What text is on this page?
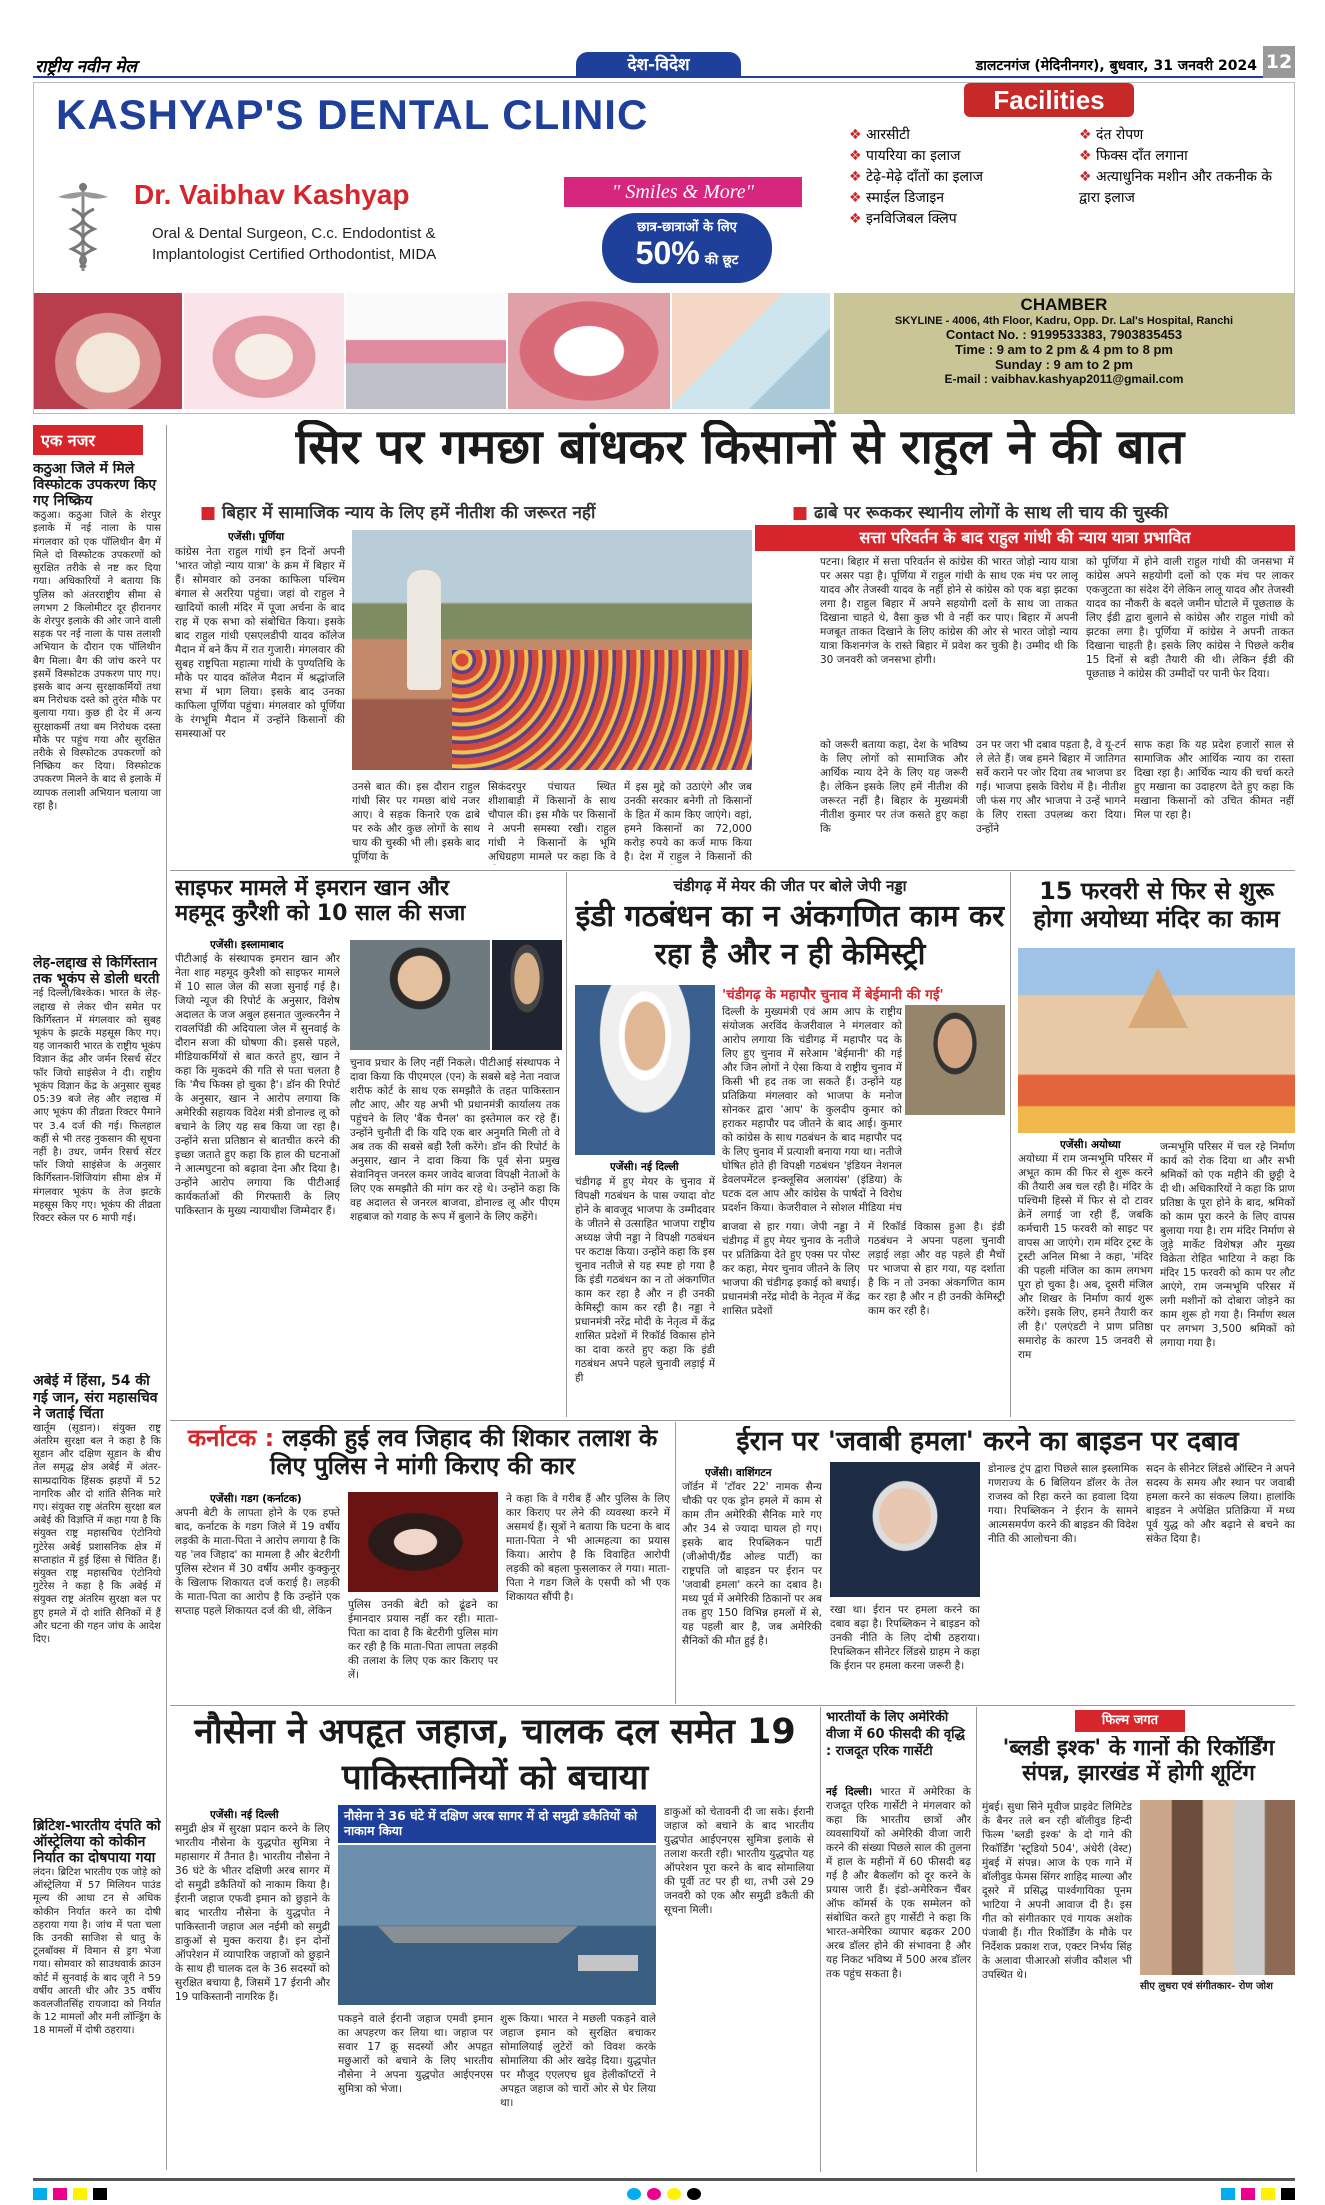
राष्ट्रीय नवीन मेल	देश-विदेश	डालटनगंज (मेदिनीनगर), बुधवार, 31 जनवरी 2024 12
KASHYAP'S DENTAL CLINIC
Dr. Vaibhav Kashyap
Oral & Dental Surgeon, C.c. Endodontist &
Implantologist Certified Orthodontist, MIDA
" Smiles & More"
छात्र-छात्राओं के लिए
50% की छूट
Facilities
❖ आरसीटी
❖ पायरिया का इलाज
❖ टेढ़े-मेढ़े दाँतों का इलाज
❖ स्माईल डिजाइन
❖ इनविजिबल क्लिप
❖ दंत रोपण
❖ फिक्स दाँत लगाना
❖ अत्याधुनिक मशीन और तकनीक के द्वारा इलाज
CHAMBER
SKYLINE - 4006, 4th Floor, Kadru, Opp. Dr. Lal's Hospital, Ranchi
Contact No. : 9199533383, 7903835453
Time : 9 am to 2 pm & 4 pm to 8 pm
Sunday : 9 am to 2 pm
E-mail : vaibhav.kashyap2011@gmail.com
एक नजर
कठुआ जिले में मिले विस्फोटक उपकरण किए गए निष्क्रिय
कठुआ। कठुआ जिले के शेरपुर इलाके में नई नाला के पास मंगलवार को एक पॉलिथीन बैग में मिले दो विस्फोटक उपकरणों को सुरक्षित तरीके से नष्ट कर दिया गया। अधिकारियों ने बताया कि पुलिस को अंतरराष्ट्रीय सीमा से लगभग 2 किलोमीटर दूर हीरानगर के शेरपुर इलाके की ओर जाने वाली सड़क पर नई नाला के पास तलाशी अभियान के दौरान एक पॉलिथीन बैग मिला। बैग की जांच करने पर इसमें विस्फोटक उपकरण पाए गए। इसके बाद अन्य सुरक्षाकर्मियों तथा बम निरोधक दस्ते को तुरंत मौके पर बुलाया गया। कुछ ही देर में अन्य सुरक्षाकर्मी तथा बम निरोधक दस्ता मौके पर पहुंच गया और सुरक्षित तरीके से विस्फोटक उपकरणों को निष्क्रिय कर दिया। विस्फोटक उपकरण मिलने के बाद से इलाके में व्यापक तलाशी अभियान चलाया जा रहा है।
लेह-लद्दाख से किर्गिस्तान तक भूकंप से डोली धरती
नई दिल्ली/बिश्केक। भारत के लेह-लद्दाख से लेकर चीन समेत पर किर्गिस्तान में मंगलवार को सुबह भूकंप के झटके महसूस किए गए। यह जानकारी भारत के राष्ट्रीय भूकंप विज्ञान केंद्र और जर्मन रिसर्च सेंटर फॉर जियो साइंसेज ने दी। राष्ट्रीय भूकंप विज्ञान केंद्र के अनुसार सुबह 05:39 बजे लेह और लद्दाख में आए भूकंप की तीव्रता रिक्टर पैमाने पर 3.4 दर्ज की गई। फिलहाल कहीं से भी तरह नुकसान की सूचना नहीं है। उधर, जर्मन रिसर्च सेंटर फॉर जियो साइंसेज के अनुसार किर्गिस्तान-शिंजियांग सीमा क्षेत्र में मंगलवार भूकंप के तेज झटके महसूस किए गए। भूकंप की तीव्रता रिक्टर स्केल पर 6 मापी गई।
अबेई में हिंसा, 54 की गई जान, संरा महासचिव ने जताई चिंता
खार्तूम (सूडान)। संयुक्त राष्ट्र अंतरिम सुरक्षा बल ने कहा है कि सूडान और दक्षिण सूडान के बीच तेल समृद्ध क्षेत्र अबेई में अंतर-साम्प्रदायिक हिंसक झड़पों में 52 नागरिक और दो शांति सैनिक मारे गए। संयुक्त राष्ट्र अंतरिम सुरक्षा बल अबेई की विज्ञप्ति में कहा गया है कि संयुक्त राष्ट्र महासचिव एंटोनियो गुटेरेस अबेई प्रशासनिक क्षेत्र में सप्ताहांत में हुई हिंसा से चिंतित हैं। संयुक्त राष्ट्र महासचिव एंटोनियो गुटेरेस ने कहा है कि अबेई में संयुक्त राष्ट्र अंतरिम सुरक्षा बल पर हुए हमले में दो शांति सैनिकों में हैं और घटना की गहन जांच के आदेश दिए।
ब्रिटिश-भारतीय दंपति को ऑस्ट्रेलिया को कोकीन निर्यात का दोषपाया गया
लंदन। ब्रिटिश भारतीय एक जोड़े को ऑस्ट्रेलिया में 57 मिलियन पाउंड मूल्य की आधा टन से अधिक कोकीन निर्यात करने का दोषी ठहराया गया है। जांच में पता चला कि उनकी साजिश से धातु के टूलबॉक्स में विमान से ड्रग भेजा गया। सोमवार को साउथवार्क क्राउन कोर्ट में सुनवाई के बाद जूरी ने 59 वर्षीय आरती धीर और 35 वर्षीय कवलजीतसिंह रायजादा को निर्यात के 12 मामलों और मनी लॉन्ड्रिंग के 18 मामलों में दोषी ठहराया।
सिर पर गमछा बांधकर किसानों से राहुल ने की बात
■ बिहार में सामाजिक न्याय के लिए हमें नीतीश की जरूरत नहीं	■ ढाबे पर रूककर स्थानीय लोगों के साथ ली चाय की चुस्की
एजेंसी। पूर्णिया
कांग्रेस नेता राहुल गांधी इन दिनों अपनी 'भारत जोड़ो न्याय यात्रा' के क्रम में बिहार में हैं। सोमवार को उनका काफिला पश्चिम बंगाल से अररिया पहुंचा। जहां वो राहुल ने खादियों काली मंदिर में पूजा अर्चना के बाद राह में एक सभा को संबोधित किया। इसके बाद राहुल गांधी एसएलडीपी यादव कॉलेज मैदान में बने कैंप में रात गुजारी। मंगलवार की सुबह राष्ट्रपिता महात्मा गांधी के पुण्यतिथि के मौके पर यादव कॉलेज मैदान में श्रद्धांजलि सभा में भाग लिया। इसके बाद उनका काफिला पूर्णिया पहुंचा। मंगलवार को पूर्णिया के रंगभूमि मैदान में उन्होंने किसानों की समस्याओं पर
उनसे बात की। इस दौरान राहुल गांधी सिर पर गमछा बांधे नजर आए। वे सड़क किनारे एक ढाबे पर रुके और कुछ लोगों के साथ चाय की चुस्की भी ली। इसके बाद पूर्णिया के
सिकंदरपुर पंचायत स्थित शीशाबाड़ी में किसानों के साथ चौपाल की। इस मौके पर किसानों ने अपनी समस्या रखी। राहुल गांधी ने किसानों के भूमि अधिग्रहण मामले पर कहा कि वे
में इस मुद्दे को उठाएंगे और जब उनकी सरकार बनेगी तो किसानों के हित में काम किए जाएंगे। वहां, हमने किसानों का 72,000 करोड़ रुपये का कर्ज माफ किया है। देश में राहुल ने किसानों की
सत्ता परिवर्तन के बाद राहुल गांधी की न्याय यात्रा प्रभावित
पटना। बिहार में सत्ता परिवर्तन से कांग्रेस की भारत जोड़ो न्याय यात्रा पर असर पड़ा है। पूर्णिया में राहुल गांधी के साथ एक मंच पर लालू यादव और तेजस्वी यादव के नहीं होने से कांग्रेस को एक बड़ा झटका लगा है। राहुल बिहार में अपने सहयोगी दलों के साथ जा ताकत दिखाना चाहते थे, वैसा कुछ भी वे नहीं कर पाए। बिहार में अपनी मजबूत ताकत दिखाने के लिए कांग्रेस की ओर से भारत जोड़ो न्याय यात्रा किशनगंज के रास्ते बिहार में प्रवेश कर चुकी है। उम्मीद थी कि 30 जनवरी को जनसभा होगी।
को पूर्णिया में होने वाली राहुल गांधी की जनसभा में कांग्रेस अपने सहयोगी दलों को एक मंच पर लाकर एकजुटता का संदेश देंगे लेकिन लालू यादव और तेजस्वी यादव का नौकरी के बदले जमीन घोटाले में पूछताछ के लिए ईडी द्वारा बुलाने से कांग्रेस और राहुल गांधी को झटका लगा है। पूर्णिया में कांग्रेस ने अपनी ताकत दिखाना चाहती है। इसके लिए कांग्रेस ने पिछले करीब 15 दिनों से बड़ी तैयारी की थी। लेकिन ईडी की पूछताछ ने कांग्रेस की उम्मीदों पर पानी फेर दिया।
को जरूरी बताया कहा, देश के भविष्य के लिए लोगों को सामाजिक और आर्थिक न्याय देने के लिए यह जरूरी है। लेकिन इसके लिए हमें नीतीश की जरूरत नहीं है। बिहार के मुख्यमंत्री नीतीश कुमार पर तंज कसते हुए कहा कि
उन पर जरा भी दबाव पड़ता है, वे यू-टर्न ले लेते हैं। जब हमने बिहार में जातिगत सर्वे कराने पर जोर दिया तब भाजपा डर गई। भाजपा इसके विरोध में है। नीतीश जी फंस गए और भाजपा ने उन्हें भागने के लिए रास्ता उपलब्ध करा दिया। उन्होंने
साफ कहा कि यह प्रदेश हजारों साल से सामाजिक और आर्थिक न्याय का रास्ता दिखा रहा है। आर्थिक न्याय की चर्चा करते हुए मखाना का उदाहरण देते हुए कहा कि मखाना किसानों को उचित कीमत नहीं मिल पा रहा है।
साइफर मामले में इमरान खान और महमूद कुरैशी को 10 साल की सजा
एजेंसी। इस्लामाबाद
पीटीआई के संस्थापक इमरान खान और नेता शाह महमूद कुरैशी को साइफर मामले में 10 साल जेल की सजा सुनाई गई है। जियो न्यूज की रिपोर्ट के अनुसार, विशेष अदालत के जज अबुल हसनात जुल्करनैन ने रावलपिंडी की अदियाला जेल में सुनवाई के दौरान सजा की घोषणा की। इससे पहले, मीडियाकर्मियों से बात करते हुए, खान ने कहा कि मुकदमे की गति से पता चलता है कि 'मैच फिक्स हो चुका है'। डॉन की रिपोर्ट के अनुसार, खान ने आरोप लगाया कि अमेरिकी सहायक विदेश मंत्री डोनाल्ड लू को बचाने के लिए यह सब किया जा रहा है। उन्होंने सत्ता प्रतिष्ठान से बातचीत करने की इच्छा जताते हुए कहा कि हाल की घटनाओं ने आत्मघुटना को बढ़ावा देना और दिया है। उन्होंने आरोप लगाया कि पीटीआई कार्यकर्ताओं की गिरफ्तारी के लिए पाकिस्तान के मुख्य न्यायाधीश जिम्मेदार हैं।
चुनाव प्रचार के लिए नहीं निकले। पीटीआई संस्थापक ने दावा किया कि पीएमएल (एन) के सबसे बड़े नेता नवाज शरीफ कोर्ट के साथ एक समझौते के तहत पाकिस्तान लौट आए, और यह अभी भी प्रधानमंत्री कार्यालय तक पहुंचने के लिए 'बैंक चैनल' का इस्तेमाल कर रहे हैं। उन्होंने चुनौती दी कि यदि एक बार अनुमति मिली तो वे अब तक की सबसे बड़ी रैली करेंगे। डॉन की रिपोर्ट के अनुसार, खान ने दावा किया कि पूर्व सेना प्रमुख सेवानिवृत्त जनरल कमर जावेद बाजवा विपक्षी नेताओं के लिए एक समझौते की मांग कर रहे थे। उन्होंने कहा कि वह अदालत से जनरल बाजवा, डोनाल्ड लू और पीएम शहबाज को गवाह के रूप में बुलाने के लिए कहेंगे।
चंडीगढ़ में मेयर की जीत पर बोले जेपी नड्डा
इंडी गठबंधन का न अंकगणित काम कर रहा है और न ही केमिस्ट्री
एजेंसी। नई दिल्ली
चंडीगढ़ में हुए मेयर के चुनाव में विपक्षी गठबंधन के पास ज्यादा वोट होने के बावजूद भाजपा के उम्मीदवार के जीतने से उत्साहित भाजपा राष्ट्रीय अध्यक्ष जेपी नड्डा ने विपक्षी गठबंधन पर कटाक्ष किया। उन्होंने कहा कि इस चुनाव नतीजे से यह स्पष्ट हो गया है कि इंडी गठबंधन का न तो अंकगणित काम कर रहा है और न ही उनकी केमिस्ट्री काम कर रही है। नड्डा ने प्रधानमंत्री नरेंद्र मोदी के नेतृत्व में केंद्र शासित प्रदेशों में रिकॉर्ड विकास होने का दावा करते हुए कहा कि इंडी गठबंधन अपने पहले चुनावी लड़ाई में ही
'चंडीगढ़ के महापौर चुनाव में बेईमानी की गई'
दिल्ली के मुख्यमंत्री एवं आम आप के राष्ट्रीय संयोजक अरविंद केजरीवाल ने मंगलवार को आरोप लगाया कि चंडीगढ़ में महापौर पद के लिए हुए चुनाव में सरेआम 'बेईमानी' की गई और जिन लोगों ने ऐसा किया वे राष्ट्रीय चुनाव में किसी भी हद तक जा सकते हैं। उन्होंने यह प्रतिक्रिया मंगलवार को भाजपा के मनोज सोनकर द्वारा 'आप' के कुलदीप कुमार को हराकर महापौर पद जीतने के बाद आई। कुमार को कांग्रेस के साथ गठबंधन के बाद महापौर पद के लिए चुनाव में प्रत्याशी बनाया गया था। नतीजे घोषित होते ही विपक्षी गठबंधन 'इंडियन नेशनल डेवलपमेंटल इन्क्लूसिव अलायंस' (इंडिया) के घटक दल आप और कांग्रेस के पार्षदों ने विरोध प्रदर्शन किया। केजरीवाल ने सोशल मीडिया मंच
बाजवा से हार गया। जेपी नड्डा ने चंडीगढ़ में हुए मेयर चुनाव के नतीजे पर प्रतिक्रिया देते हुए एक्स पर पोस्ट कर कहा, मेयर चुनाव जीतने के लिए भाजपा की चंडीगढ़ इकाई को बधाई। प्रधानमंत्री नरेंद्र मोदी के नेतृत्व में केंद्र शासित प्रदेशों
में रिकॉर्ड विकास हुआ है। इंडी गठबंधन ने अपना पहला चुनावी लड़ाई लड़ा और वह पहले ही मैचों पर भाजपा से हार गया, यह दर्शाता है कि न तो उनका अंकगणित काम कर रहा है और न ही उनकी केमिस्ट्री काम कर रही है।
15 फरवरी से फिर से शुरू होगा अयोध्या मंदिर का काम
एजेंसी। अयोध्या
अयोध्या में राम जन्मभूमि परिसर में अभूत काम की फिर से शुरू करने की तैयारी अब चल रही है। मंदिर के पश्चिमी हिस्से में फिर से दो टावर क्रेनें लगाई जा रही हैं, जबकि कर्मचारी 15 फरवरी को साइट पर वापस आ जाएंगे। राम मंदिर ट्रस्ट के ट्रस्टी अनिल मिश्रा ने कहा, 'मंदिर की पहली मंजिल का काम लगभग पूरा हो चुका है। अब, दूसरी मंजिल और शिखर के निर्माण कार्य शुरू करेंगे। इसके लिए, हमने तैयारी कर ली है।' एलएंडटी ने प्राण प्रतिष्ठा समारोह के कारण 15 जनवरी से राम
जन्मभूमि परिसर में चल रहे निर्माण कार्य को रोक दिया था और सभी श्रमिकों को एक महीने की छुट्टी दे दी थी। अधिकारियों ने कहा कि प्राण प्रतिष्ठा के पूरा होने के बाद, श्रमिकों को काम पूरा करने के लिए वापस बुलाया गया है। राम मंदिर निर्माण से जुड़े मार्केट विशेषज्ञ और मुख्य विक्रेता रोहित भाटिया ने कहा कि मंदिर 15 फरवरी को काम पर लौट आएंगे, राम जन्मभूमि परिसर में लगी मशीनों को दोबारा जोड़ने का काम शुरू हो गया है। निर्माण स्थल पर लगभग 3,500 श्रमिकों को लगाया गया है।
कर्नाटक : लड़की हुई लव जिहाद की शिकार तलाश के लिए पुलिस ने मांगी किराए की कार
एजेंसी। गडग (कर्नाटक)
अपनी बेटी के लापता होने के एक हफ्ते बाद, कर्नाटक के गडग जिले में 19 वर्षीय लड़की के माता-पिता ने आरोप लगाया है कि यह 'लव जिहाद' का मामला है और बेटरीगी पुलिस स्टेशन में 30 वर्षीय अमीर कुक्कुनूर के खिलाफ शिकायत दर्ज कराई है। लड़की के माता-पिता का आरोप है कि उन्होंने एक सप्ताह पहले शिकायत दर्ज की थी, लेकिन	पुलिस उनकी बेटी को ढूंढने का ईमानदार प्रयास नहीं कर रही। माता-पिता का दावा है कि बेटरीगी पुलिस मांग कर रही है कि माता-पिता लापता लड़की की तलाश के लिए एक कार किराए पर लें।
ने कहा कि वे गरीब हैं और पुलिस के लिए कार किराए पर लेने की व्यवस्था करने में असमर्थ हैं। सूत्रों ने बताया कि घटना के बाद माता-पिता ने भी आत्महत्या का प्रयास किया। आरोप है कि विवाहित आरोपी लड़की को बहला फुसलाकर ले गया। माता-पिता ने गडग जिले के एसपी को भी एक शिकायत सौंपी है।
ईरान पर 'जवाबी हमला' करने का बाइडन पर दबाव
एजेंसी। वाशिंगटन
जॉर्डन में 'टॉवर 22' नामक सैन्य चौकी पर एक ड्रोन हमले में काम से काम तीन अमेरिकी सैनिक मारे गए और 34 से ज्यादा घायल हो गए। इसके बाद रिपब्लिकन पार्टी (जीओपी/ग्रैंड ओल्ड पार्टी) का राष्ट्रपति जो बाइडन पर ईरान पर 'जवाबी हमला' करने का दबाव है। मध्य पूर्व में अमेरिकी ठिकानों पर अब तक हुए 150 विभिन्न हमलों में से, यह पहली बार है, जब अमेरिकी सैनिकों की मौत हुई है।
रखा था। ईरान पर हमला करने का दबाव बढ़ा है। रिपब्लिकन ने बाइडन को उनकी नीति के लिए दोषी ठहराया। रिपब्लिकन सीनेटर लिंडसे ग्राहम ने कहा कि ईरान पर हमला करना जरूरी है।
डोनाल्ड ट्रंप द्वारा पिछले साल इस्लामिक गणराज्य के 6 बिलियन डॉलर के तेल राजस्व को रिहा करने का हवाला दिया गया। रिपब्लिकन ने ईरान के सामने आत्मसमर्पण करने की बाइडन की विदेश नीति की आलोचना की।
सदन के सीनेटर लिंडसे ऑस्टिन ने अपने सदस्य के समय और स्थान पर जवाबी हमला करने का संकल्प लिया। हालांकि बाइडन ने अपेक्षित प्रतिक्रिया में मध्य पूर्व युद्ध को और बढ़ाने से बचने का संकेत दिया है।
नौसेना ने अपहृत जहाज, चालक दल समेत 19 पाकिस्तानियों को बचाया
एजेंसी। नई दिल्ली
समुद्री क्षेत्र में सुरक्षा प्रदान करने के लिए भारतीय नौसेना के युद्धपोत सुमित्रा ने महासागर में तैनात है। भारतीय नौसेना ने 36 घंटे के भीतर दक्षिणी अरब सागर में दो समुद्री डकैतियों को नाकाम किया है। ईरानी जहाज एफवी इमान को छुड़ाने के बाद भारतीय नौसेना के युद्धपोत ने पाकिस्तानी जहाज अल नईमी को समुद्री डाकुओं से मुक्त कराया है। इन दोनों ऑपरेशन में व्यापारिक जहाजों को छुड़ाने के साथ ही चालक दल के 36 सदस्यों को सुरक्षित बचाया है, जिसमें 17 ईरानी और 19 पाकिस्तानी नागरिक हैं।
नौसेना ने 36 घंटे में दक्षिण अरब सागर में दो समुद्री डकैतियों को नाकाम किया
पकड़ने वाले ईरानी जहाज एमवी इमान का अपहरण कर लिया था। जहाज पर सवार 17 क्रू सदस्यों और अपहृत मछुआरों को बचाने के लिए भारतीय नौसेना ने अपना युद्धपोत आईएनएस सुमित्रा को भेजा।
शुरू किया। भारत ने मछली पकड़ने वाले जहाज इमान को सुरक्षित बचाकर सोमालियाई लुटेरों को विवश करके सोमालिया की ओर खदेड़ दिया। युद्धपोत पर मौजूद एएलएच ध्रुव हेलीकॉप्टरों ने अपहृत जहाज को चारों ओर से घेर लिया था।
डाकुओं को चेतावनी दी जा सके। ईरानी जहाज को बचाने के बाद भारतीय युद्धपोत आईएनएस सुमित्रा इलाके से तलाश करती रही। भारतीय युद्धपोत यह ऑपरेशन पूरा करने के बाद सोमालिया की पूर्वी तट पर ही था, तभी उसे 29 जनवरी को एक और समुद्री डकैती की सूचना मिली।
भारतीयों के लिए अमेरिकी वीजा में 60 फीसदी की वृद्धि : राजदूत एरिक गार्सेटी
नई दिल्ली। भारत में अमेरिका के राजदूत एरिक गार्सेटी ने मंगलवार को कहा कि भारतीय छात्रों और व्यवसायियों को अमेरिकी वीजा जारी करने की संख्या पिछले साल की तुलना में हाल के महीनों में 60 फीसदी बढ़ गई है और बैकलॉग को दूर करने के प्रयास जारी हैं। इंडो-अमेरिकन चैंबर ऑफ कॉमर्स के एक सम्मेलन को संबोधित करते हुए गार्सेटी ने कहा कि भारत-अमेरिका व्यापार बढ़कर 200 अरब डॉलर होने की संभावना है और यह निकट भविष्य में 500 अरब डॉलर तक पहुंच सकता है।
फिल्म जगत
'ब्लडी इश्क' के गानों की रिकॉर्डिंग संपन्न, झारखंड में होगी शूटिंग
मुंबई। सुधा सिने मूवीज प्राइवेट लिमिटेड के बैनर तले बन रही बॉलीवुड हिन्दी फिल्म 'ब्लडी इश्क' के दो गाने की रिकॉर्डिंग 'स्टूडियो 504', अंधेरी (वेस्ट) मुंबई में संपन्न। आज के एक गाने में बॉलीवुड फेमस सिंगर शाहिद माल्या और दूसरे में प्रसिद्ध पार्श्वगायिका पूनम भाटिया ने अपनी आवाज दी है। इस गीत को संगीतकार एवं गायक अशोक पंजाबी हैं। गीत रिकॉर्डिंग के मौके पर निर्देशक प्रकाश राज, एक्टर निर्भय सिंह के अलावा पीआरओ संजीव कौशल भी उपस्थित थे।
सीए लुधरा एवं संगीतकार- रोण जोश
